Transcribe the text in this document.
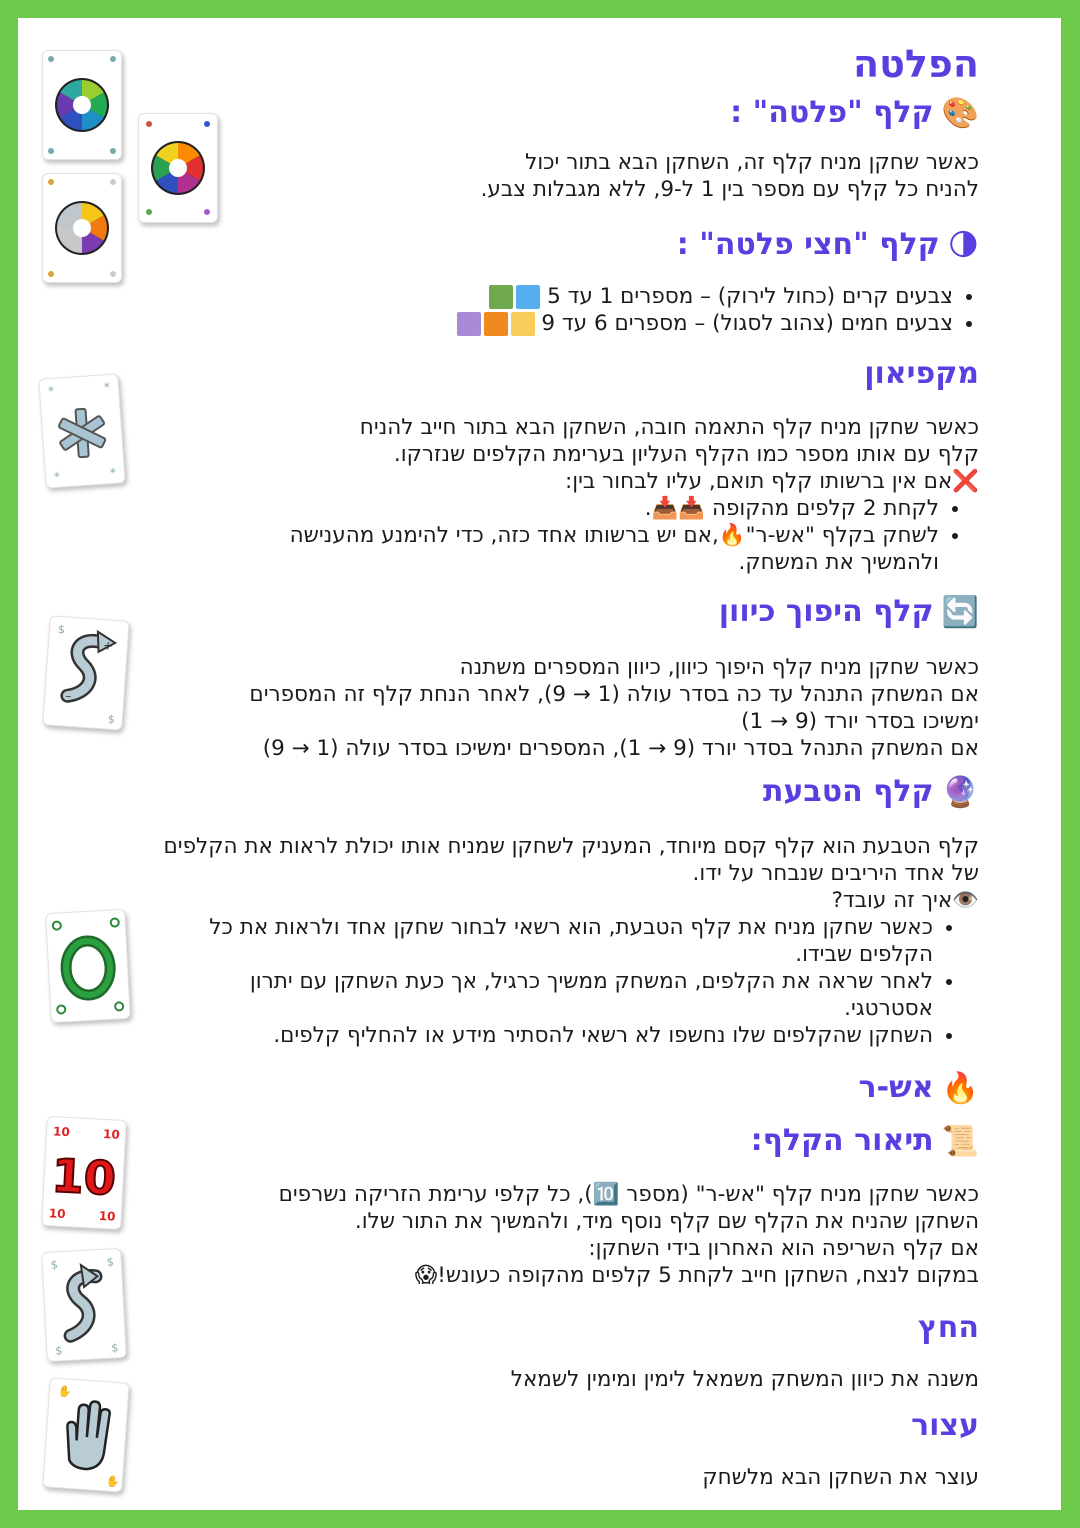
*	*
*	*
$
$
+
–
10	10
10	10
10
$	$
$	$
✋
✋
הפלטה
🎨קלף "פלטה" :

כאשר שחקן מניח קלף זה, השחקן הבא בתור יכול
להניח כל קלף עם מספר בין 1 ל-9, ללא מגבלות צבע.

🌗קלף "חצי פלטה" :
• צבעים קרים (כחול לירוק) – מספרים 1 עד 5
• צבעים חמים (צהוב לסגול) – מספרים 6 עד 9
מקפיאון

כאשר שחקן מניח קלף התאמה חובה, השחקן הבא בתור חייב להניח
קלף עם אותו מספר כמו הקלף העליון בערימת הקלפים שנזרקו.
❌אם אין ברשותו קלף תואם, עליו לבחור בין:

• לקחת 2 קלפים מהקופה 📥📥.
• לשחק בקלף "אש-ר"🔥,אם יש ברשותו אחד כזה, כדי להימנע מהענישה
ולהמשיך את המשחק.
🔄קלף היפוך כיוון

כאשר שחקן מניח קלף היפוך כיוון, כיוון המספרים משתנה
אם המשחק התנהל עד כה בסדר עולה (1 → 9), לאחר הנחת קלף זה המספרים
ימשיכו בסדר יורד (9 → 1)
אם המשחק התנהל בסדר יורד (9 → 1), המספרים ימשיכו בסדר עולה (1 → 9)

🔮קלף הטבעת

קלף הטבעת הוא קלף קסם מיוחד, המעניק לשחקן שמניח אותו יכולת לראות את הקלפים
של אחד היריבים שנבחר על ידו.
👁️איך זה עובד?

• כאשר שחקן מניח את קלף הטבעת, הוא רשאי לבחור שחקן אחד ולראות את כל
הקלפים שבידו.
• לאחר שראה את הקלפים, המשחק ממשיך כרגיל, אך כעת השחקן עם יתרון
אסטרטגי.
• השחקן שהקלפים שלו נחשפו לא רשאי להסתיר מידע או להחליף קלפים.
🔥אש-ר
📜תיאור הקלף:

כאשר שחקן מניח קלף "אש-ר" (מספר 🔟), כל קלפי ערימת הזריקה נשרפים
השחקן שהניח את הקלף שם קלף נוסף מיד, ולהמשיך את התור שלו.
אם קלף השריפה הוא האחרון בידי השחקן:
במקום לנצח, השחקן חייב לקחת 5 קלפים מהקופה כעונש!😱

החץ

משנה את כיוון המשחק משמאל לימין ומימין לשמאל

עצור

עוצר את השחקן הבא מלשחק
